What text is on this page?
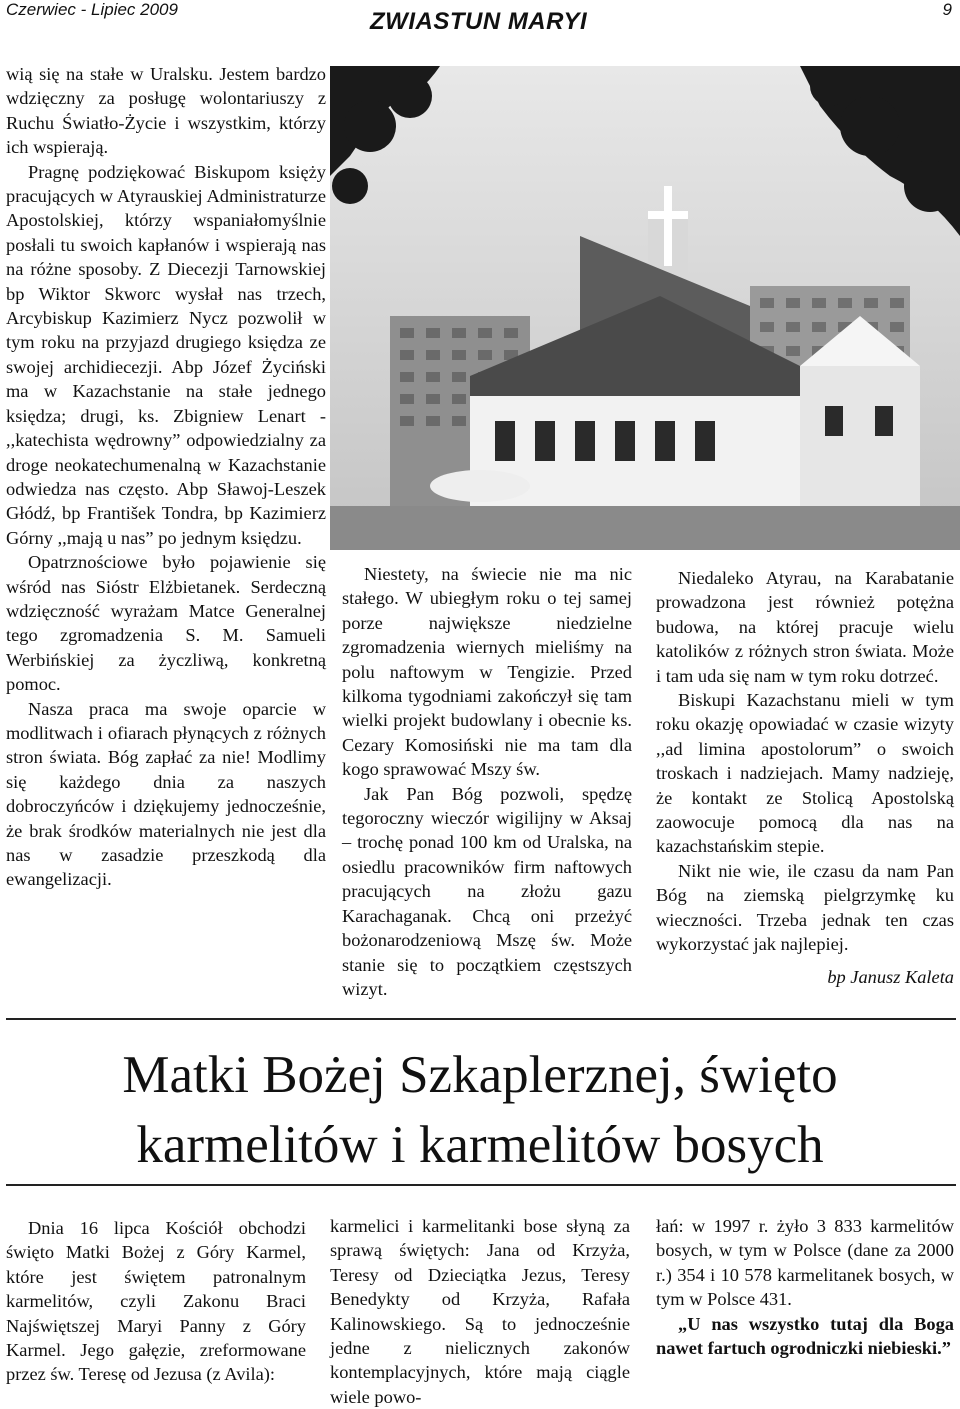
Czerwiec - Lipiec 2009	ZWIASTUN MARYI	9

wią się na stałe w Uralsku. Jestem bardzo wdzięczny za posługę wolontariuszy z Ruchu Światło-Życie i wszystkim, którzy ich wspierają.

Pragnę podziękować Biskupom księży pracujących w Atyrauskiej Administraturze Apostolskiej, którzy wspaniałomyślnie posłali tu swoich kapłanów i wspierają nas na różne sposoby. Z Diecezji Tarnowskiej bp Wiktor Skworc wysłał nas trzech, Arcybiskup Kazimierz Nycz pozwolił w tym roku na przyjazd drugiego księdza ze swojej archidiecezji. Abp Józef Życiński ma w Kazachstanie na stałe jednego księdza; drugi, ks. Zbigniew Lenart - ,,katechista wędrowny” odpowiedzialny za droge neokatechumenalną w Kazachstanie odwiedza nas często. Abp Sławoj-Leszek Głódź, bp František Tondra, bp Kazimierz Górny ,,mają u nas” po jednym księdzu.

Opatrznościowe było pojawienie się wśród nas Sióstr Elżbietanek. Serdeczną wdzięczność wyrażam Matce Generalnej tego zgromadzenia S. M. Samueli Werbińskiej za życzliwą, konkretną pomoc.

Nasza praca ma swoje oparcie w modlitwach i ofiarach płynących z różnych stron świata. Bóg zapłać za nie! Modlimy się każdego dnia za naszych dobroczyńców i dziękujemy jednocześnie, że brak środków materialnych nie jest dla nas w zasadzie przeszkodą dla ewangelizacji.

Niestety, na świecie nie ma nic stałego. W ubiegłym roku o tej samej porze największe niedzielne zgromadzenia wiernych mieliśmy na polu naftowym w Tengizie. Przed kilkoma tygodniami zakończył się tam wielki projekt budowlany i obecnie ks. Cezary Komosiński nie ma tam dla kogo sprawować Mszy św.

Jak Pan Bóg pozwoli, spędzę tegoroczny wieczór wigilijny w Aksaj – trochę ponad 100 km od Uralska, na osiedlu pracowników firm naftowych pracujących na złożu gazu Karachaganak. Chcą oni przeżyć bożonarodzeniową Mszę św. Może stanie się to początkiem częstszych wizyt.

Niedaleko Atyrau, na Karabatanie prowadzona jest również potężna budowa, na której pracuje wielu katolików z różnych stron świata. Może i tam uda się nam w tym roku dotrzeć.

Biskupi Kazachstanu mieli w tym roku okazję opowiadać w czasie wizyty ,,ad limina apostolorum” o swoich troskach i nadziejach. Mamy nadzieję, że kontakt ze Stolicą Apostolską zaowocuje pomocą dla nas na kazachstańskim stepie.

Nikt nie wie, ile czasu da nam Pan Bóg na ziemską pielgrzymkę ku wieczności. Trzeba jednak ten czas wykorzystać jak najlepiej.

bp Janusz Kaleta

Matki Bożej Szkaplerznej, święto
karmelitów i karmelitów bosych

Dnia 16 lipca Kościół obchodzi święto Matki Bożej z Góry Karmel, które jest świętem patronalnym karmelitów, czyli Zakonu Braci Najświętszej Maryi Panny z Góry Karmel. Jego gałęzie, zreformowane przez św. Teresę od Jezusa (z Avila):

karmelici i karmelitanki bose słyną za sprawą świętych: Jana od Krzyża, Teresy od Dzieciątka Jezus, Teresy Benedykty od Krzyża, Rafała Kalinowskiego. Są to jednocześnie jedne z nielicznych zakonów kontemplacyjnych, które mają ciągle wiele powo-

łań: w 1997 r. żyło 3 833 karmelitów bosych, w tym w Polsce (dane za 2000 r.) 354 i 10 578 karmelitanek bosych, w tym w Polsce 431.

„U nas wszystko tutaj dla Boga nawet fartuch ogrodniczki niebieski.”
